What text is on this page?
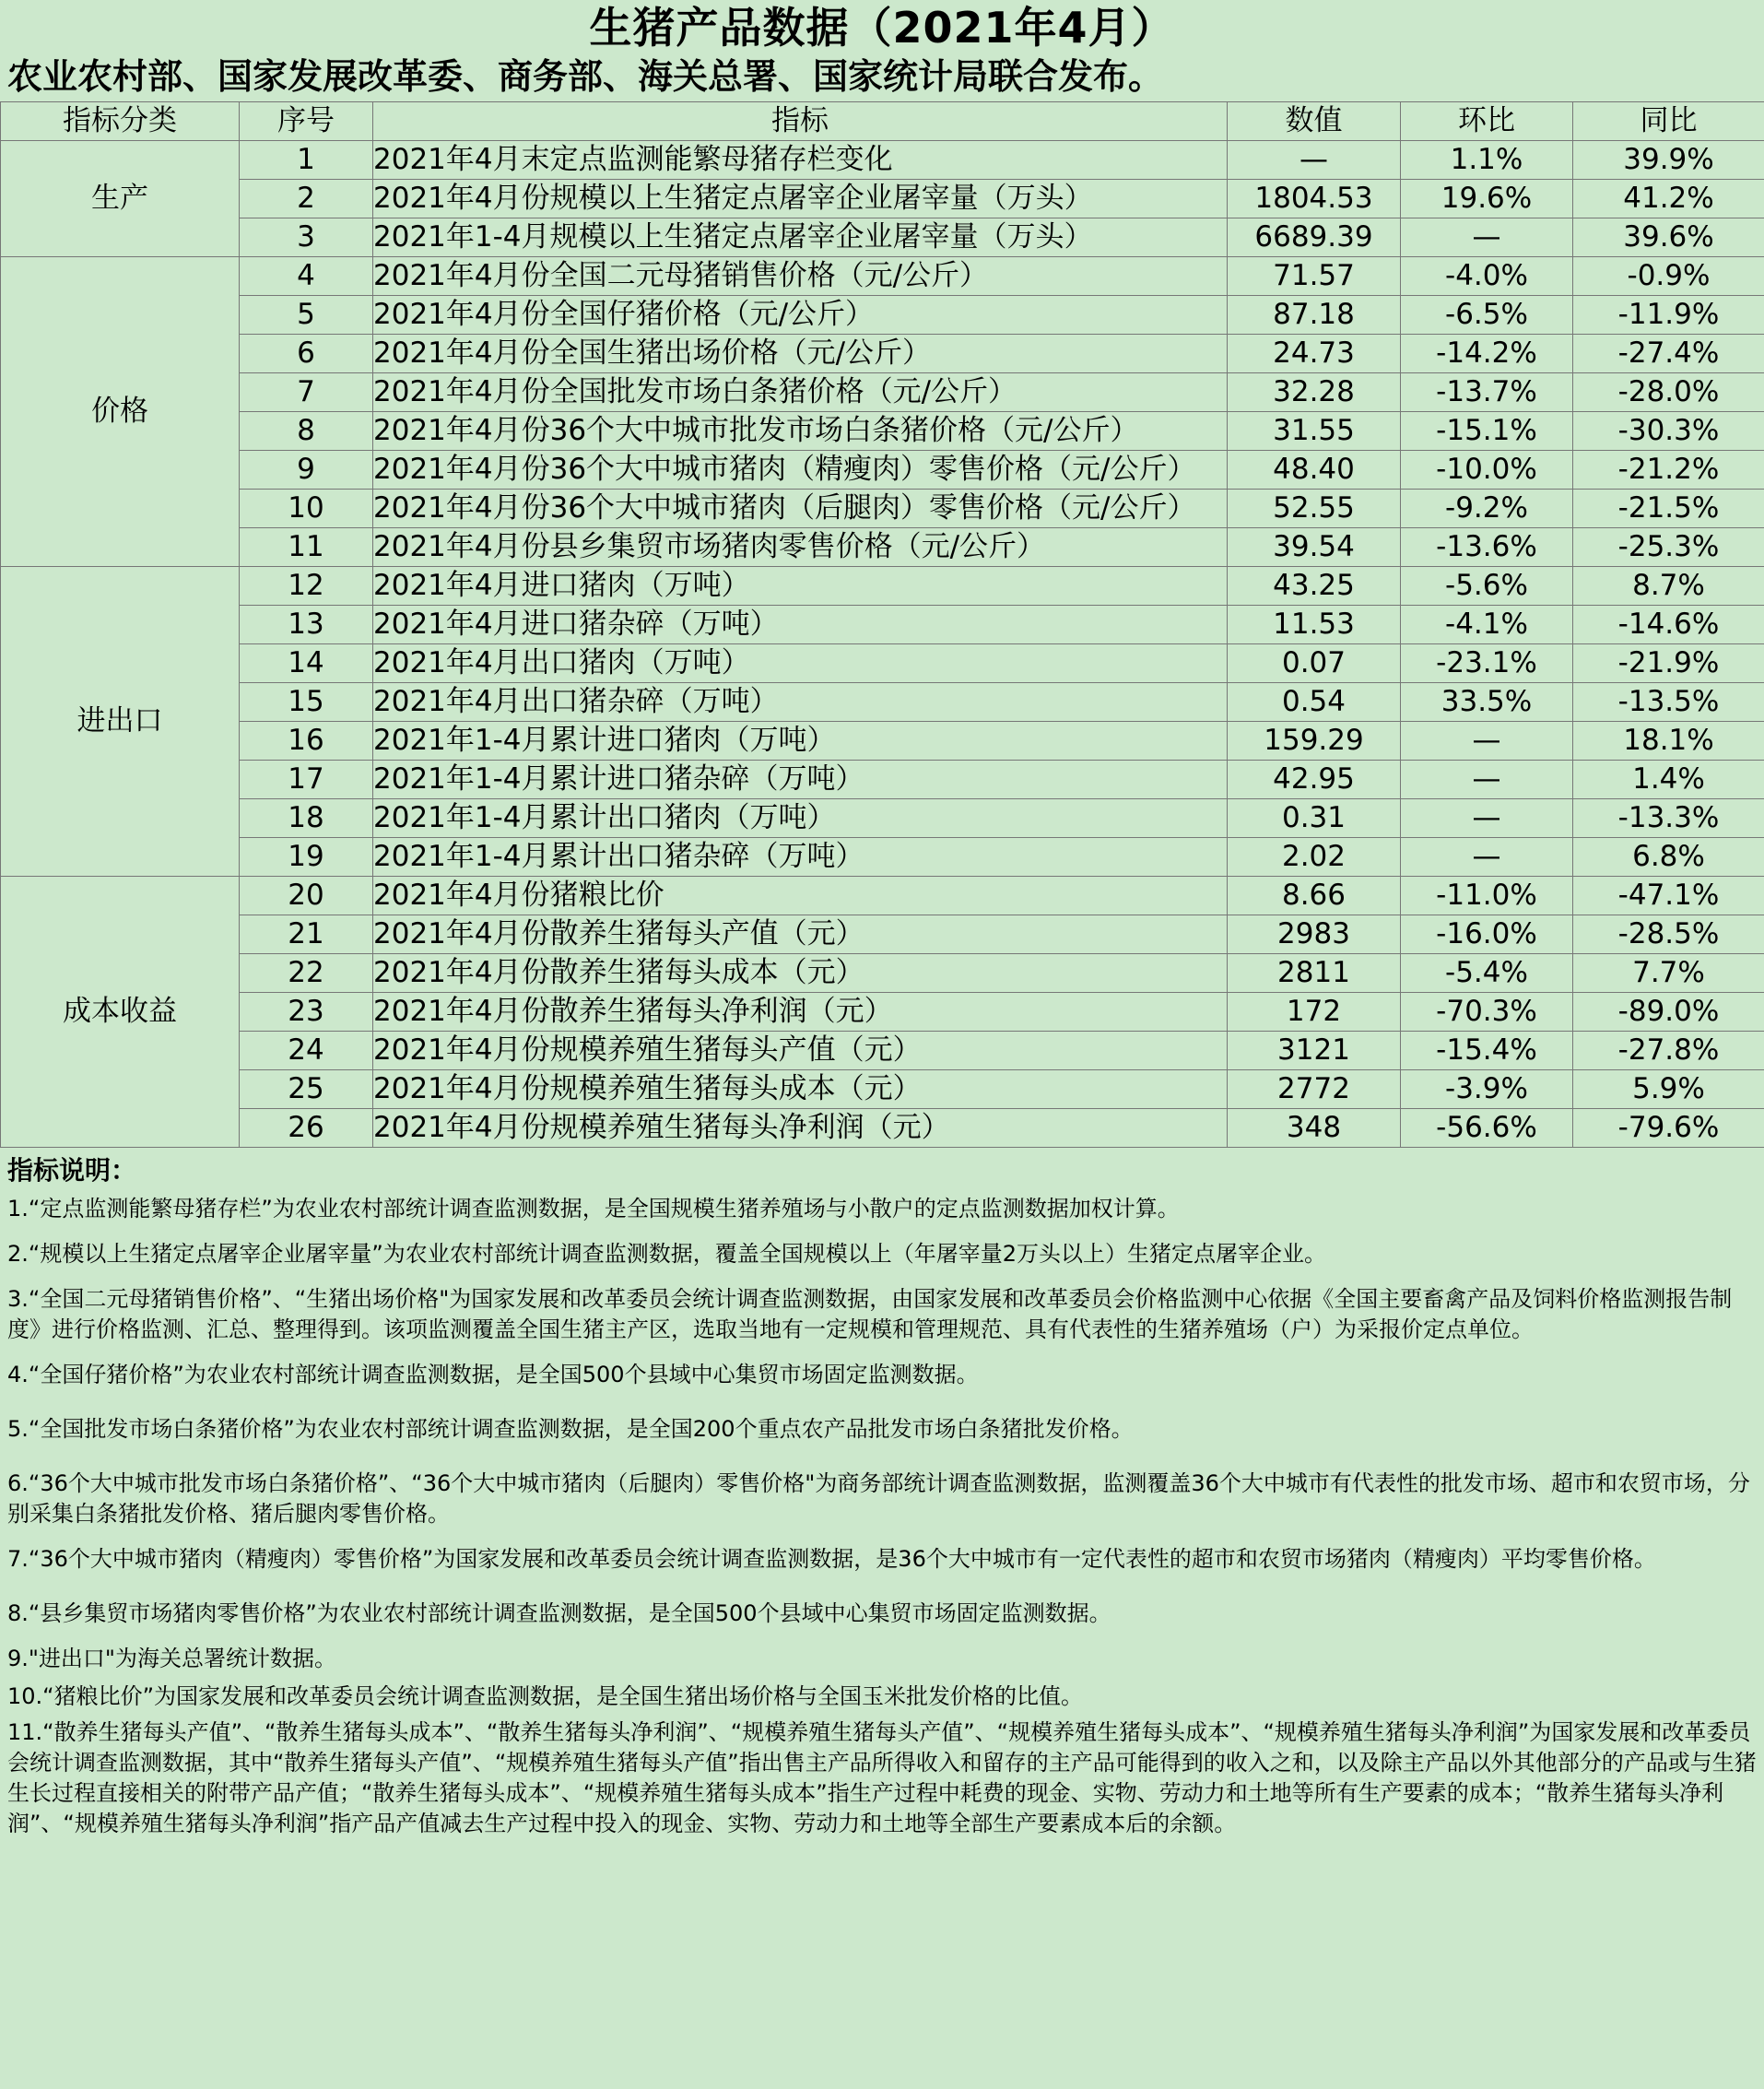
生猪产品数据（2021年4月）
农业农村部、国家发展改革委、商务部、海关总署、国家统计局联合发布。
指标分类	序号	指标	数值	环比	同比
生产	1	2021年4月末定点监测能繁母猪存栏变化	—	1.1%	39.9%
	2	2021年4月份规模以上生猪定点屠宰企业屠宰量（万头）	1804.53	19.6%	41.2%
	3	2021年1-4月规模以上生猪定点屠宰企业屠宰量（万头）	6689.39	—	39.6%
价格	4	2021年4月份全国二元母猪销售价格（元/公斤）	71.57	-4.0%	-0.9%
	5	2021年4月份全国仔猪价格（元/公斤）	87.18	-6.5%	-11.9%
	6	2021年4月份全国生猪出场价格（元/公斤）	24.73	-14.2%	-27.4%
	7	2021年4月份全国批发市场白条猪价格（元/公斤）	32.28	-13.7%	-28.0%
	8	2021年4月份36个大中城市批发市场白条猪价格（元/公斤）	31.55	-15.1%	-30.3%
	9	2021年4月份36个大中城市猪肉（精瘦肉）零售价格（元/公斤）	48.40	-10.0%	-21.2%
	10	2021年4月份36个大中城市猪肉（后腿肉）零售价格（元/公斤）	52.55	-9.2%	-21.5%
	11	2021年4月份县乡集贸市场猪肉零售价格（元/公斤）	39.54	-13.6%	-25.3%
进出口	12	2021年4月进口猪肉（万吨）	43.25	-5.6%	8.7%
	13	2021年4月进口猪杂碎（万吨）	11.53	-4.1%	-14.6%
	14	2021年4月出口猪肉（万吨）	0.07	-23.1%	-21.9%
	15	2021年4月出口猪杂碎（万吨）	0.54	33.5%	-13.5%
	16	2021年1-4月累计进口猪肉（万吨）	159.29	—	18.1%
	17	2021年1-4月累计进口猪杂碎（万吨）	42.95	—	1.4%
	18	2021年1-4月累计出口猪肉（万吨）	0.31	—	-13.3%
	19	2021年1-4月累计出口猪杂碎（万吨）	2.02	—	6.8%
成本收益	20	2021年4月份猪粮比价	8.66	-11.0%	-47.1%
	21	2021年4月份散养生猪每头产值（元）	2983	-16.0%	-28.5%
	22	2021年4月份散养生猪每头成本（元）	2811	-5.4%	7.7%
	23	2021年4月份散养生猪每头净利润（元）	172	-70.3%	-89.0%
	24	2021年4月份规模养殖生猪每头产值（元）	3121	-15.4%	-27.8%
	25	2021年4月份规模养殖生猪每头成本（元）	2772	-3.9%	5.9%
	26	2021年4月份规模养殖生猪每头净利润（元）	348	-56.6%	-79.6%
指标说明：

1.“定点监测能繁母猪存栏”为农业农村部统计调查监测数据，是全国规模生猪养殖场与小散户的定点监测数据加权计算。

2.“规模以上生猪定点屠宰企业屠宰量”为农业农村部统计调查监测数据，覆盖全国规模以上（年屠宰量2万头以上）生猪定点屠宰企业。

3.“全国二元母猪销售价格”、“生猪出场价格"为国家发展和改革委员会统计调查监测数据，由国家发展和改革委员会价格监测中心依据《全国主要畜禽产品及饲料价格监测报告制度》进行价格监测、汇总、整理得到。该项监测覆盖全国生猪主产区，选取当地有一定规模和管理规范、具有代表性的生猪养殖场（户）为采报价定点单位。

4.“全国仔猪价格”为农业农村部统计调查监测数据，是全国500个县域中心集贸市场固定监测数据。

5.“全国批发市场白条猪价格”为农业农村部统计调查监测数据，是全国200个重点农产品批发市场白条猪批发价格。

6.“36个大中城市批发市场白条猪价格”、“36个大中城市猪肉（后腿肉）零售价格"为商务部统计调查监测数据，监测覆盖36个大中城市有代表性的批发市场、超市和农贸市场，分别采集白条猪批发价格、猪后腿肉零售价格。

7.“36个大中城市猪肉（精瘦肉）零售价格”为国家发展和改革委员会统计调查监测数据，是36个大中城市有一定代表性的超市和农贸市场猪肉（精瘦肉）平均零售价格。

8.“县乡集贸市场猪肉零售价格”为农业农村部统计调查监测数据，是全国500个县域中心集贸市场固定监测数据。

9."进出口"为海关总署统计数据。

10.“猪粮比价”为国家发展和改革委员会统计调查监测数据，是全国生猪出场价格与全国玉米批发价格的比值。

11.“散养生猪每头产值”、“散养生猪每头成本”、“散养生猪每头净利润”、“规模养殖生猪每头产值”、“规模养殖生猪每头成本”、“规模养殖生猪每头净利润”为国家发展和改革委员会统计调查监测数据，其中“散养生猪每头产值”、“规模养殖生猪每头产值”指出售主产品所得收入和留存的主产品可能得到的收入之和，以及除主产品以外其他部分的产品或与生猪生长过程直接相关的附带产品产值；“散养生猪每头成本”、“规模养殖生猪每头成本”指生产过程中耗费的现金、实物、劳动力和土地等所有生产要素的成本；“散养生猪每头净利润”、“规模养殖生猪每头净利润”指产品产值减去生产过程中投入的现金、实物、劳动力和土地等全部生产要素成本后的余额。
